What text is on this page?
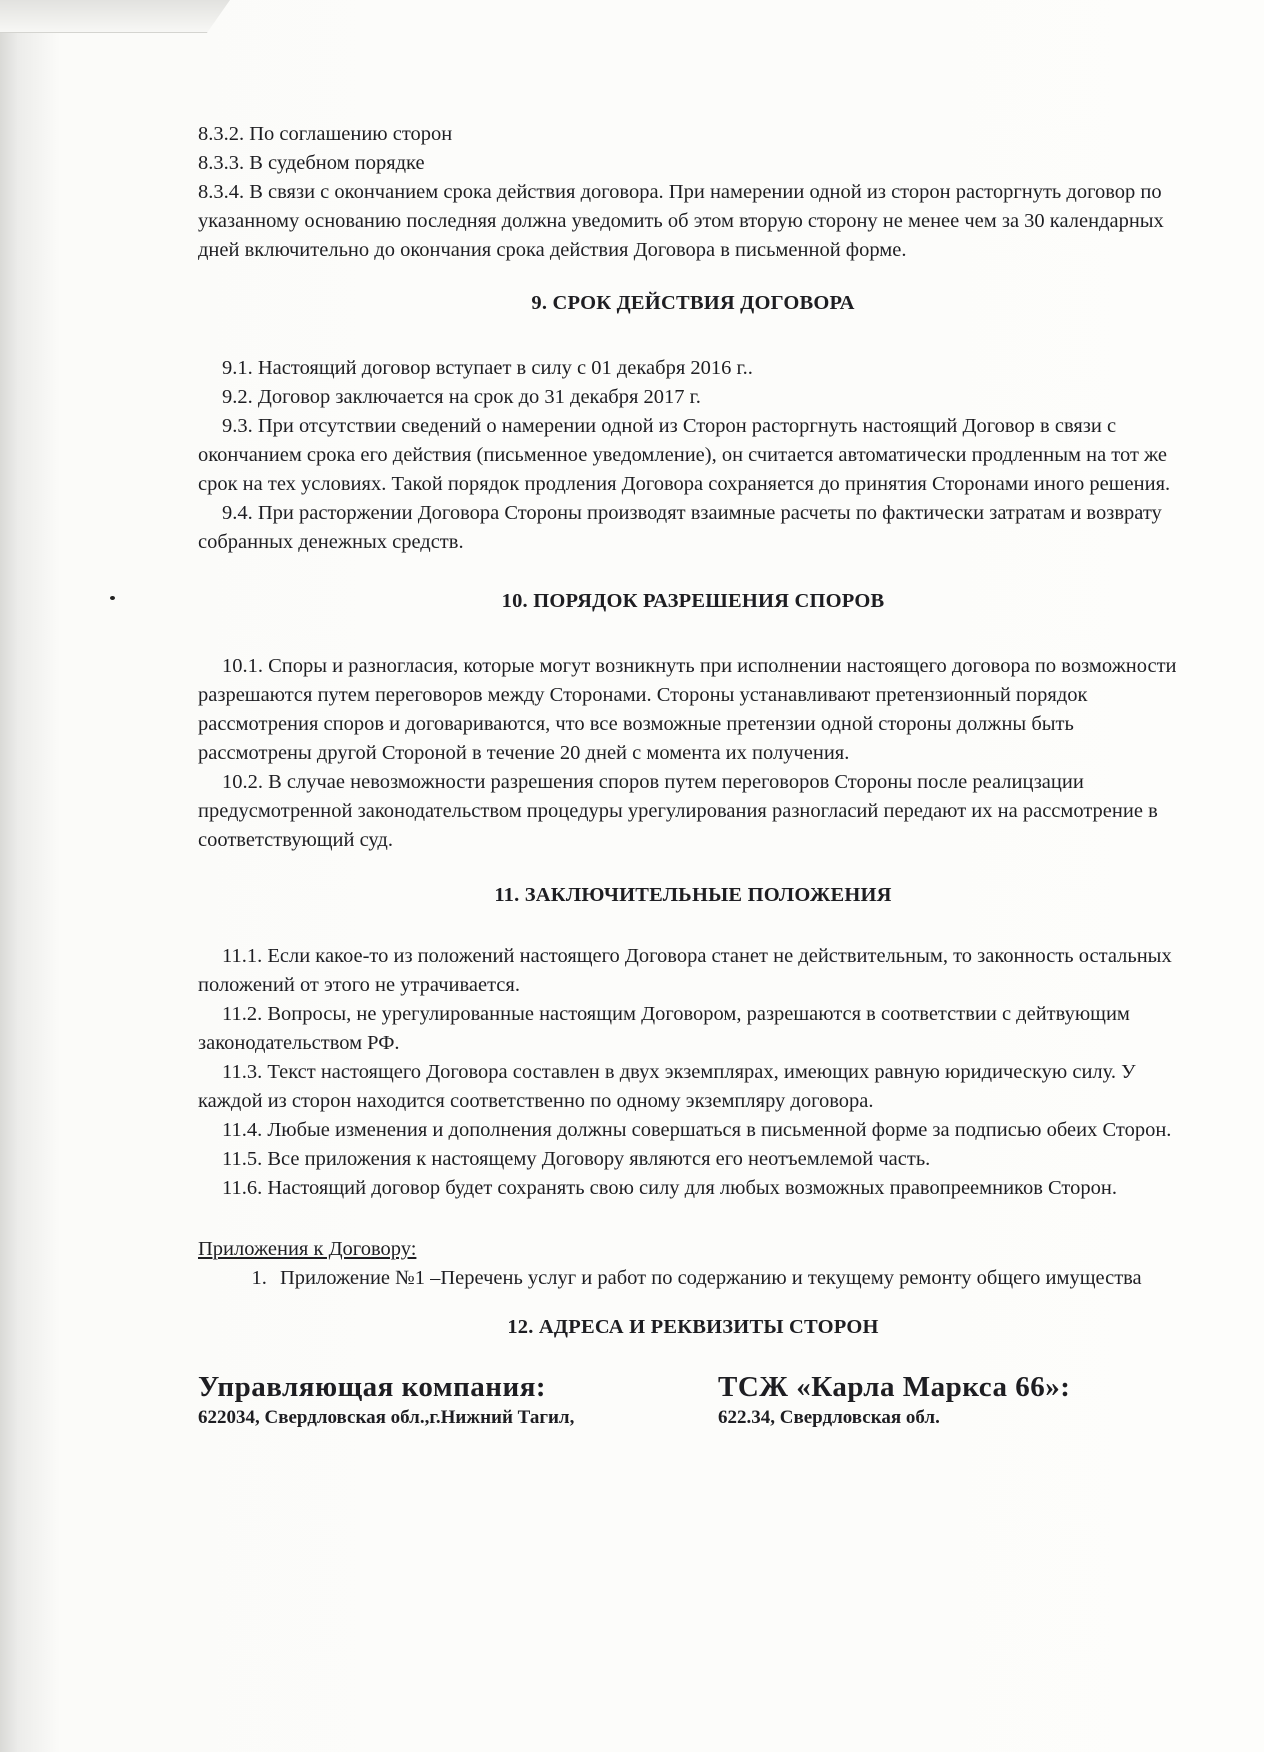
8.3.2. По соглашению сторон

8.3.3. В судебном порядке

8.3.4. В связи с окончанием срока действия договора. При намерении одной из сторон расторгнуть договор по указанному основанию последняя должна уведомить об этом вторую сторону не менее чем за 30 календарных дней включительно до окончания срока действия Договора в письменной форме.

9. СРОК ДЕЙСТВИЯ ДОГОВОРА

9.1. Настоящий договор вступает в силу с 01 декабря 2016 г..

9.2. Договор заключается на срок до 31 декабря 2017 г.

9.3. При отсутствии сведений о намерении одной из Сторон расторгнуть настоящий Договор в связи с окончанием срока его действия (письменное уведомление), он считается автоматически продленным на тот же срок на тех условиях. Такой порядок продления Договора сохраняется до принятия Сторонами иного решения.

9.4. При расторжении Договора Стороны производят взаимные расчеты по фактически затратам и возврату собранных денежных средств.

10. ПОРЯДОК РАЗРЕШЕНИЯ СПОРОВ

10.1. Споры и разногласия, которые могут возникнуть при исполнении настоящего договора по возможности разрешаются путем переговоров между Сторонами. Стороны устанавливают претензионный порядок рассмотрения споров и договариваются, что все возможные претензии одной стороны должны быть рассмотрены другой Стороной в течение 20 дней с момента их получения.

10.2. В случае невозможности разрешения споров путем переговоров Стороны после реалицзации предусмотренной законодательством процедуры урегулирования разногласий передают их на рассмотрение в соответствующий суд.

11. ЗАКЛЮЧИТЕЛЬНЫЕ ПОЛОЖЕНИЯ

11.1. Если какое-то из положений настоящего Договора станет не действительным, то законность остальных положений от этого не утрачивается.

11.2. Вопросы, не урегулированные настоящим Договором, разрешаются в соответствии с дейтвующим законодательством РФ.

11.3. Текст настоящего Договора составлен в двух экземплярах, имеющих равную юридическую силу. У каждой из сторон находится соответственно по одному экземпляру договора.

11.4. Любые изменения и дополнения должны совершаться в письменной форме за подписью обеих Сторон.

11.5. Все приложения к настоящему Договору являются его неотъемлемой часть.

11.6. Настоящий договор будет сохранять свою силу для любых возможных правопреемников Сторон.

Приложения к Договору:

1. Приложение №1 –Перечень услуг и работ по содержанию и текущему ремонту общего имущества
12. АДРЕСА И РЕКВИЗИТЫ СТОРОН
Управляющая компания:
622034, Свердловская обл.,г.Нижний Тагил,
ТСЖ «Карла Маркса 66»:
622.34, Свердловская обл.
